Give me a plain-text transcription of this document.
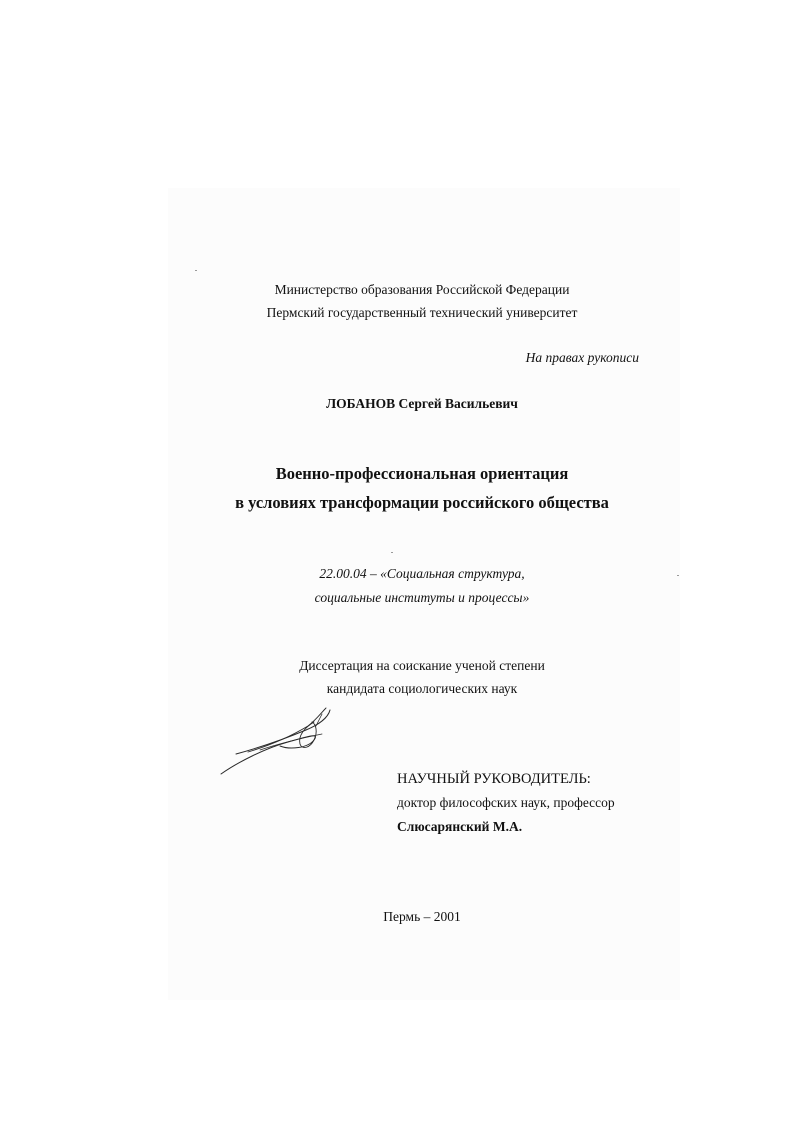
Министерство образования Российской Федерации
Пермский государственный технический университет
На правах рукописи
ЛОБАНОВ Сергей Васильевич
Военно-профессиональная ориентация
в условиях трансформации российского общества
22.00.04 – «Социальная структура,
социальные институты и процессы»
Диссертация на соискание ученой степени
кандидата социологических наук
НАУЧНЫЙ РУКОВОДИТЕЛЬ:
доктор философских наук, профессор
Слюсарянский М.А.
Пермь – 2001
